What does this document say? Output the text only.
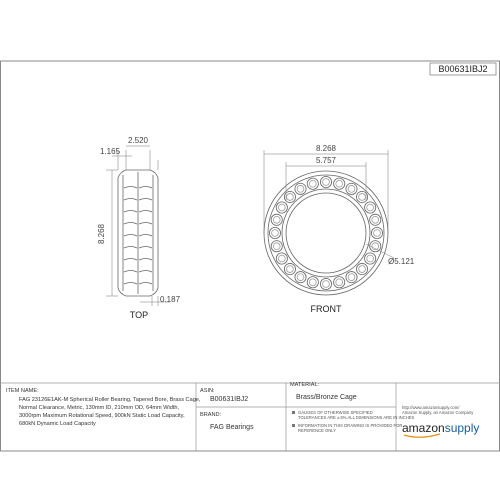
B00631IBJ2
1.165
2.520
8.268
0.187
TOP
8.268
5.757
Ø5.121
FRONT
ITEM NAME:
FAG 23126E1AK-M Spherical Roller Bearing, Tapered Bore, Brass Cage,
Normal Clearance, Metric, 130mm ID, 210mm OD, 64mm Width,
3000rpm Maximum Rotational Speed, 900kN Static Load Capacity,
680kN Dynamic Load Capacity
ASIN:
B00631IBJ2
BRAND:
FAG Bearings
MATERIAL:
Brass/Bronze Cage
GAUGES OF OTHERWISE SPECIFIED
TOLERANCES ARE ±.5% ALL DIMENSIONS ARE IN INCHES
INFORMATION IN THIS DRAWING IS PROVIDED FOR
REFERENCE ONLY
http://www.amazonsupply.com/
Amazon Supply, an Amazon Company
amazonsupply
